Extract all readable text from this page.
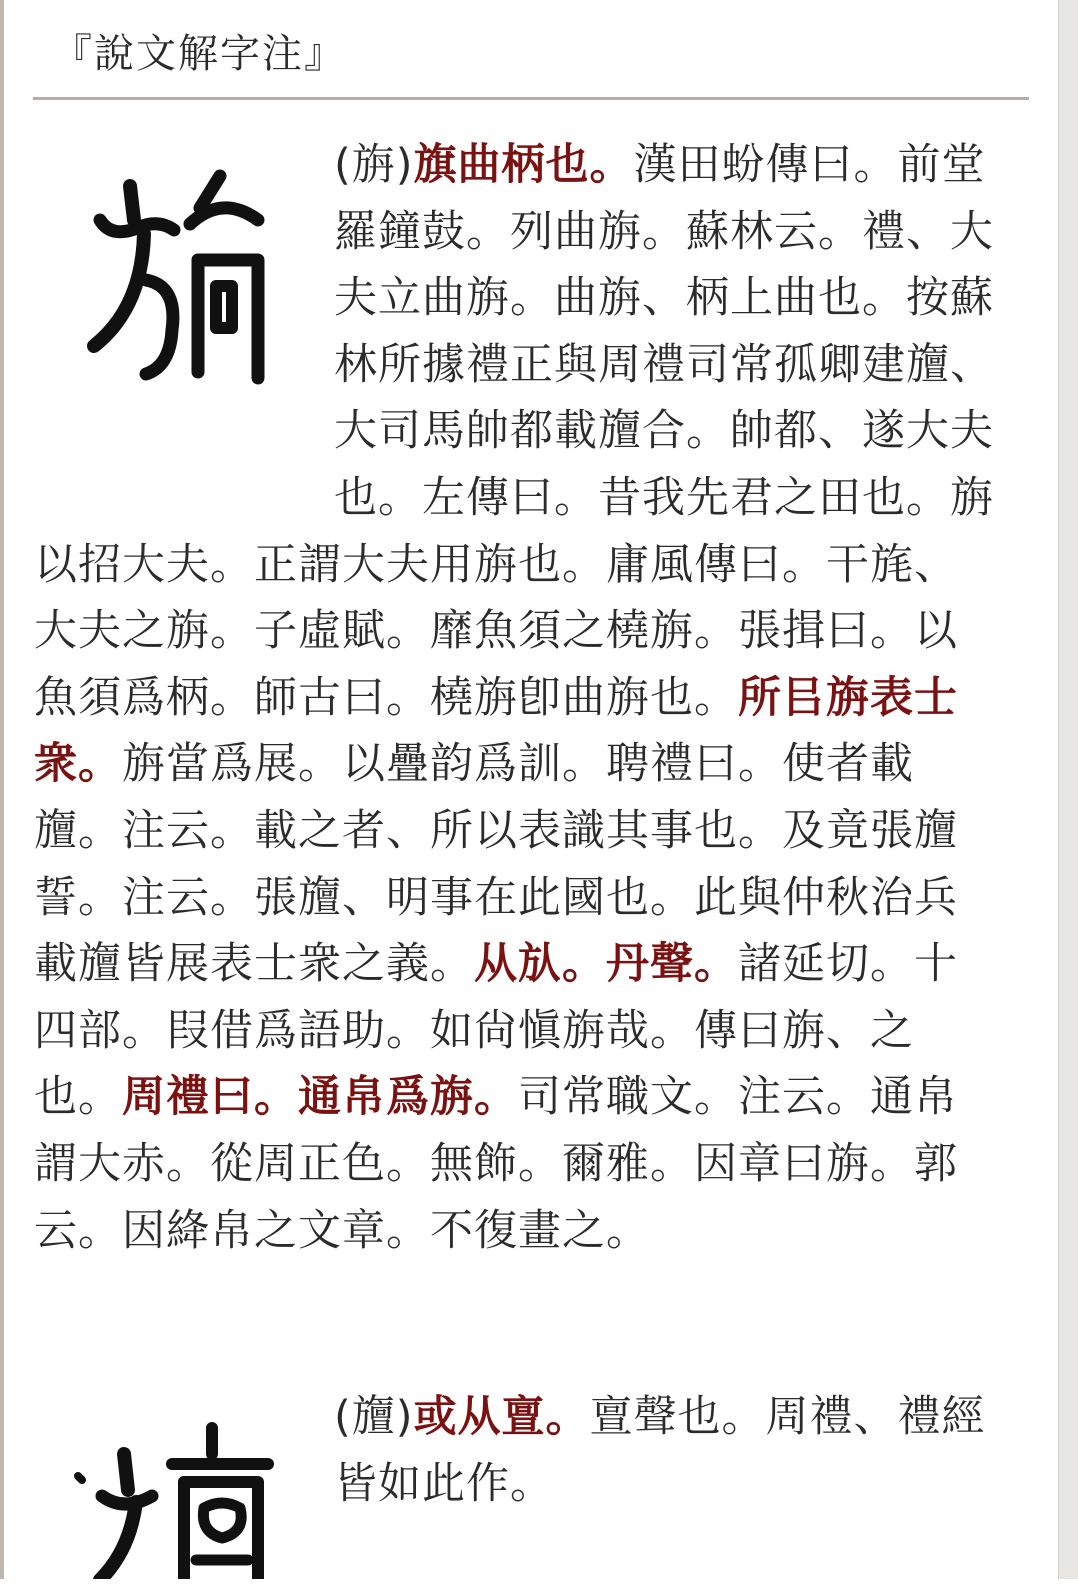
『說文解字注』

(旃)旗曲柄也。漢田蚡傳曰。前堂羅鐘鼓。列曲旃。蘇林云。禮、大夫立曲旃。曲旃、柄上曲也。按蘇林所據禮正與周禮司常孤卿建旜、大司馬帥都載旜合。帥都、遂大夫也。左傳曰。昔我先君之田也。旃以招大夫。正謂大夫用旃也。庸風傳曰。干旄、大夫之旃。子虛賦。靡魚須之橈旃。張揖曰。以魚須爲柄。師古曰。橈旃卽曲旃也。所㠯旃表士衆。旃當爲展。以疊韵爲訓。聘禮曰。使者載旜。注云。載之者、所以表識其事也。及竟張旜誓。注云。張旜、明事在此國也。此與仲秋治兵載旜皆展表士衆之義。从㫃。丹聲。諸延切。十四部。叚借爲語助。如尙愼旃哉。傳曰旃、之也。周禮曰。通帛爲旃。司常職文。注云。通帛謂大赤。從周正色。無飾。爾雅。因章曰旃。郭云。因絳帛之文章。不復畫之。

(旜)或从亶。亶聲也。周禮、禮經皆如此作。
